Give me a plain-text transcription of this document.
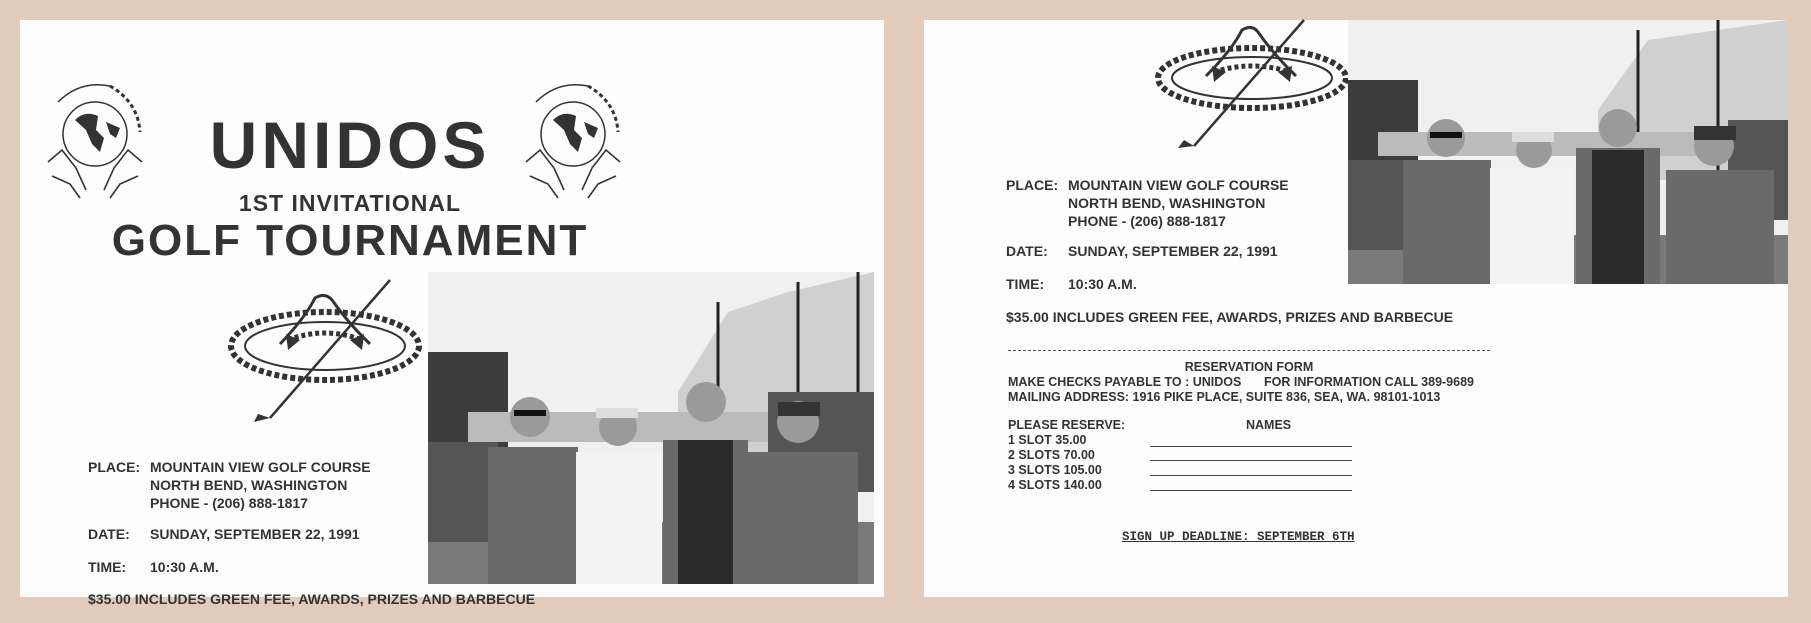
UNIDOS
1ST INVITATIONAL
GOLF TOURNAMENT
PLACE: MOUNTAIN VIEW GOLF COURSE
NORTH BEND, WASHINGTON
PHONE - (206) 888-1817
DATE: SUNDAY, SEPTEMBER 22, 1991
TIME: 10:30 A.M.
$35.00 INCLUDES GREEN FEE, AWARDS, PRIZES AND BARBECUE
PLACE: MOUNTAIN VIEW GOLF COURSE
NORTH BEND, WASHINGTON
PHONE - (206) 888-1817
DATE: SUNDAY, SEPTEMBER 22, 1991
TIME: 10:30 A.M.
$35.00 INCLUDES GREEN FEE, AWARDS, PRIZES AND BARBECUE
RESERVATION FORM
MAKE CHECKS PAYABLE TO : UNIDOS FOR INFORMATION CALL 389-9689
MAILING ADDRESS: 1916 PIKE PLACE, SUITE 836, SEA, WA. 98101-1013
PLEASE RESERVE:	NAMES
1 SLOT 35.00
2 SLOTS 70.00
3 SLOTS 105.00
4 SLOTS 140.00
SIGN UP DEADLINE: SEPTEMBER 6TH
